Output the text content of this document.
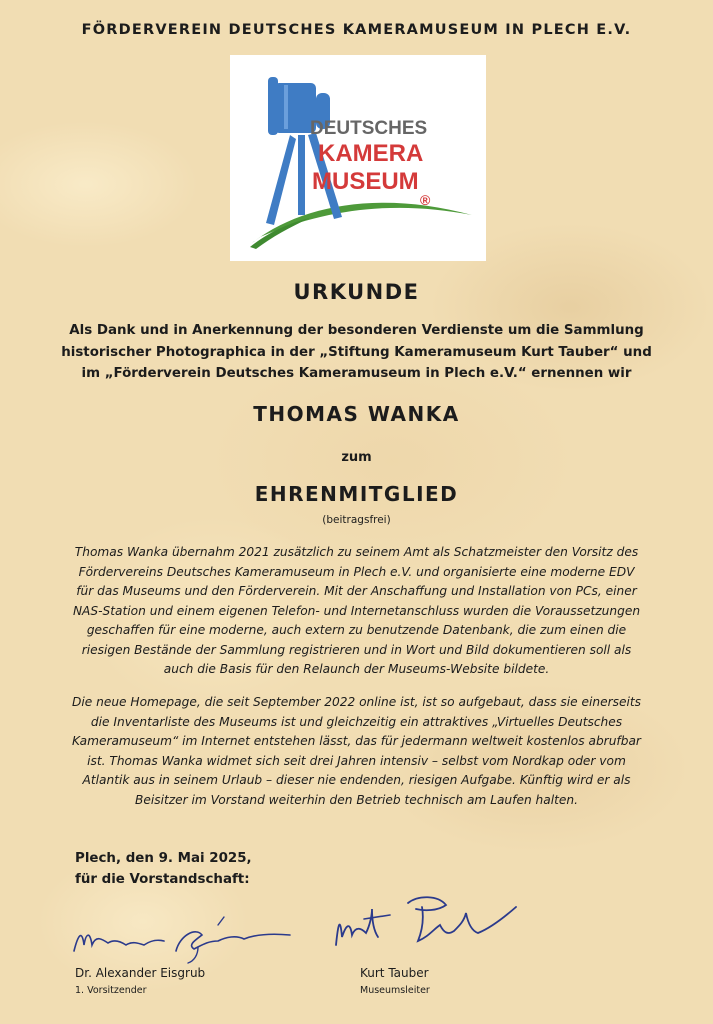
FÖRDERVEREIN DEUTSCHES KAMERAMUSEUM IN PLECH E.V.
DEUTSCHES
KAMERA
MUSEUM
®
URKUNDE
Als Dank und in Anerkennung der besonderen Verdienste um die Sammlung
historischer Photographica in der „Stiftung Kameramuseum Kurt Tauber“ und
im „Förderverein Deutsches Kameramuseum in Plech e.V.“ ernennen wir
THOMAS WANKA
zum
EHRENMITGLIED
(beitragsfrei)
Thomas Wanka übernahm 2021 zusätzlich zu seinem Amt als Schatzmeister den Vorsitz des
Fördervereins Deutsches Kameramuseum in Plech e.V. und organisierte eine moderne EDV
für das Museums und den Förderverein. Mit der Anschaffung und Installation von PCs, einer
NAS-Station und einem eigenen Telefon- und Internetanschluss wurden die Voraussetzungen
geschaffen für eine moderne, auch extern zu benutzende Datenbank, die zum einen die
riesigen Bestände der Sammlung registrieren und in Wort und Bild dokumentieren soll als
auch die Basis für den Relaunch der Museums-Website bildete.
Die neue Homepage, die seit September 2022 online ist, ist so aufgebaut, dass sie einerseits
die Inventarliste des Museums ist und gleichzeitig ein attraktives „Virtuelles Deutsches
Kameramuseum“ im Internet entstehen lässt, das für jedermann weltweit kostenlos abrufbar
ist. Thomas Wanka widmet sich seit drei Jahren intensiv – selbst vom Nordkap oder vom
Atlantik aus in seinem Urlaub – dieser nie endenden, riesigen Aufgabe. Künftig wird er als
Beisitzer im Vorstand weiterhin den Betrieb technisch am Laufen halten.
Plech, den 9. Mai 2025,
für die Vorstandschaft:
Dr. Alexander Eisgrub
1. Vorsitzender
Kurt Tauber
Museumsleiter
